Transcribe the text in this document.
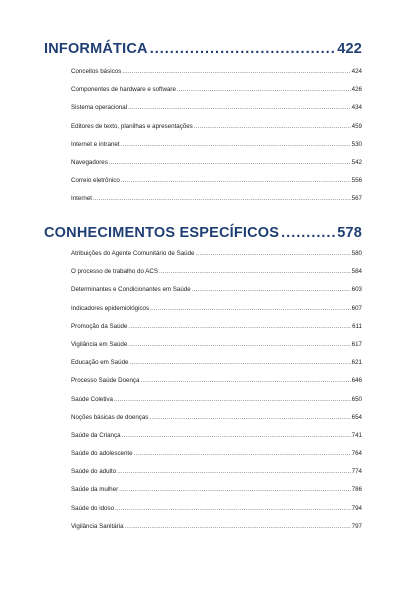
INFORMÁTICA .....	422
Conceitos básicos .....	424
Componentes de hardware e software .....	426
Sistema operacional .....	434
Editores de texto, planilhas e apresentações .....	459
Internet e intranet .....	530
Navegadores .....	542
Correio eletrônico .....	556
Internet .....	567
CONHECIMENTOS ESPECÍFICOS .....	578
Atribuições do Agente Comunitário de Saúde .....	580
O processo de trabalho do ACS .....	584
Determinantes e Condicionantes em Saúde .....	603
Indicadores epidemiológicos .....	607
Promoção da Saúde .....	611
Vigilância em Saúde .....	617
Educação em Saúde .....	621
Processo Saúde Doença .....	646
Saúde Coletiva .....	650
Noções básicas de doenças .....	654
Saúde da Criança .....	741
Saúde do adolescente .....	764
Saúde do adulto .....	774
Saúde da mulher .....	786
Saúde do idoso .....	794
Vigilância Sanitária .....	797
